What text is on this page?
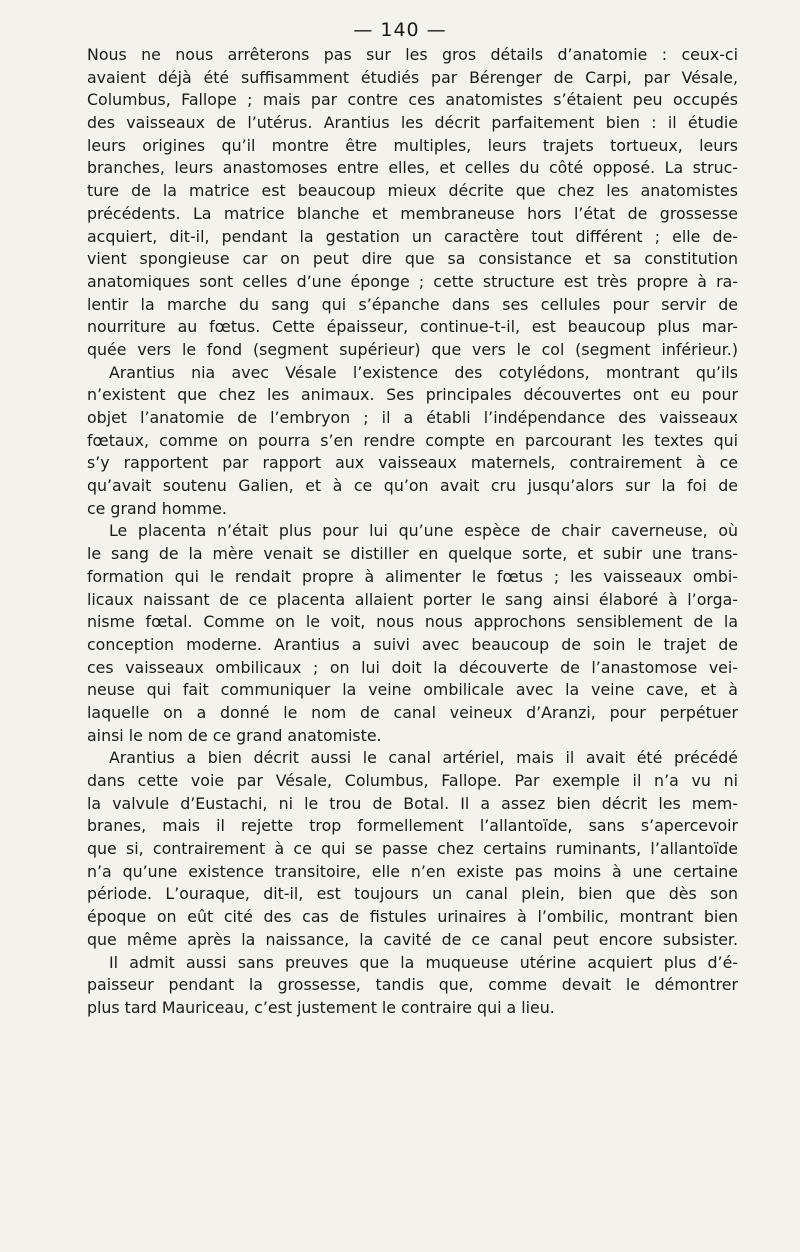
— 140 —
Nous ne nous arrêterons pas sur les gros détails d’anatomie : ceux-ci
avaient déjà été suffisamment étudiés par Bérenger de Carpi, par Vésale,
Columbus, Fallope ; mais par contre ces anatomistes s’étaient peu occupés
des vaisseaux de l’utérus. Arantius les décrit parfaitement bien : il étudie
leurs origines qu’il montre être multiples, leurs trajets tortueux, leurs
branches, leurs anastomoses entre elles, et celles du côté opposé. La struc-
ture de la matrice est beaucoup mieux décrite que chez les anatomistes
précédents. La matrice blanche et membraneuse hors l’état de grossesse
acquiert, dit-il, pendant la gestation un caractère tout différent ; elle de-
vient spongieuse car on peut dire que sa consistance et sa constitution
anatomiques sont celles d’une éponge ; cette structure est très propre à ra-
lentir la marche du sang qui s’épanche dans ses cellules pour servir de
nourriture au fœtus. Cette épaisseur, continue-t-il, est beaucoup plus mar-
quée vers le fond (segment supérieur) que vers le col (segment inférieur.)
Arantius nia avec Vésale l’existence des cotylédons, montrant qu’ils
n’existent que chez les animaux. Ses principales découvertes ont eu pour
objet l’anatomie de l’embryon ; il a établi l’indépendance des vaisseaux
fœtaux, comme on pourra s’en rendre compte en parcourant les textes qui
s’y rapportent par rapport aux vaisseaux maternels, contrairement à ce
qu’avait soutenu Galien, et à ce qu’on avait cru jusqu’alors sur la foi de
ce grand homme.
Le placenta n’était plus pour lui qu’une espèce de chair caverneuse, où
le sang de la mère venait se distiller en quelque sorte, et subir une trans-
formation qui le rendait propre à alimenter le fœtus ; les vaisseaux ombi-
licaux naissant de ce placenta allaient porter le sang ainsi élaboré à l’orga-
nisme fœtal. Comme on le voit, nous nous approchons sensiblement de la
conception moderne. Arantius a suivi avec beaucoup de soin le trajet de
ces vaisseaux ombilicaux ; on lui doit la découverte de l’anastomose vei-
neuse qui fait communiquer la veine ombilicale avec la veine cave, et à
laquelle on a donné le nom de canal veineux d’Aranzi, pour perpétuer
ainsi le nom de ce grand anatomiste.
Arantius a bien décrit aussi le canal artériel, mais il avait été précédé
dans cette voie par Vésale, Columbus, Fallope. Par exemple il n’a vu ni
la valvule d’Eustachi, ni le trou de Botal. Il a assez bien décrit les mem-
branes, mais il rejette trop formellement l’allantoïde, sans s’apercevoir
que si, contrairement à ce qui se passe chez certains ruminants, l’allantoïde
n’a qu’une existence transitoire, elle n’en existe pas moins à une certaine
période. L’ouraque, dit-il, est toujours un canal plein, bien que dès son
époque on eût cité des cas de fistules urinaires à l’ombilic, montrant bien
que même après la naissance, la cavité de ce canal peut encore subsister.
Il admit aussi sans preuves que la muqueuse utérine acquiert plus d’é-
paisseur pendant la grossesse, tandis que, comme devait le démontrer
plus tard Mauriceau, c’est justement le contraire qui a lieu.
